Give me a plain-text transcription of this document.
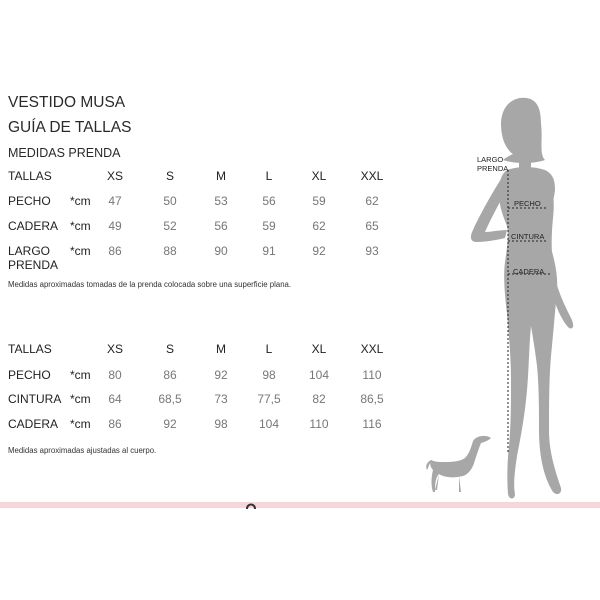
VESTIDO MUSA
GUÍA DE TALLAS
MEDIDAS PRENDA
TALLAS	XS	S	M	L	XL	XXL
PECHO *cm	47	50	53	56	59	62
CADERA *cm	49	52	56	59	62	65
LARGO
PRENDA
*cm	86	88	90	91	92	93
Medidas aproximadas tomadas de la prenda colocada sobre una superficie plana.
TALLAS	XS	S	M	L	XL	XXL
PECHO *cm	80	86	92	98	104	110
CINTURA *cm	64	68,5	73	77,5	82	86,5
CADERA *cm	86	92	98	104	110	116
Medidas aproximadas ajustadas al cuerpo.
LARGO
PRENDA
PECHO
CINTURA
CADERA
